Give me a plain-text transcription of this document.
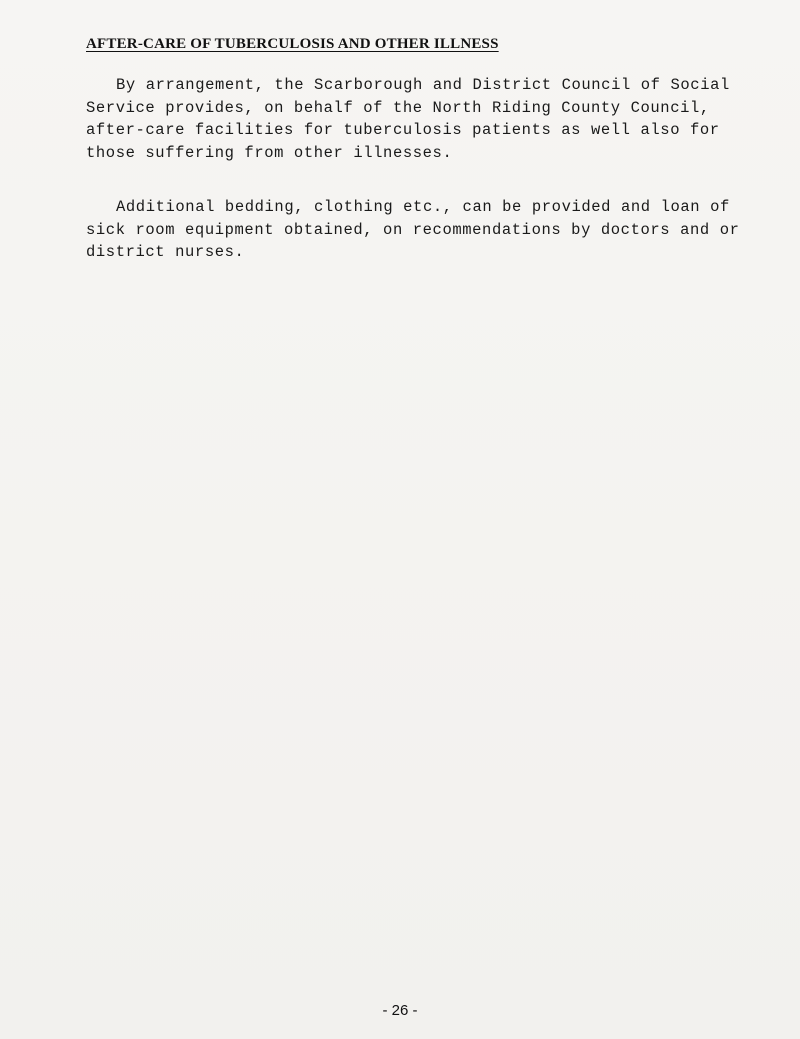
AFTER-CARE OF TUBERCULOSIS AND OTHER ILLNESS

By arrangement, the Scarborough and District Council of Social Service provides, on behalf of the North Riding County Council, after-care facilities for tuberculosis patients as well also for those suffering from other illnesses.

Additional bedding, clothing etc., can be provided and loan of sick room equipment obtained, on recommendations by doctors and or district nurses.

- 26 -
